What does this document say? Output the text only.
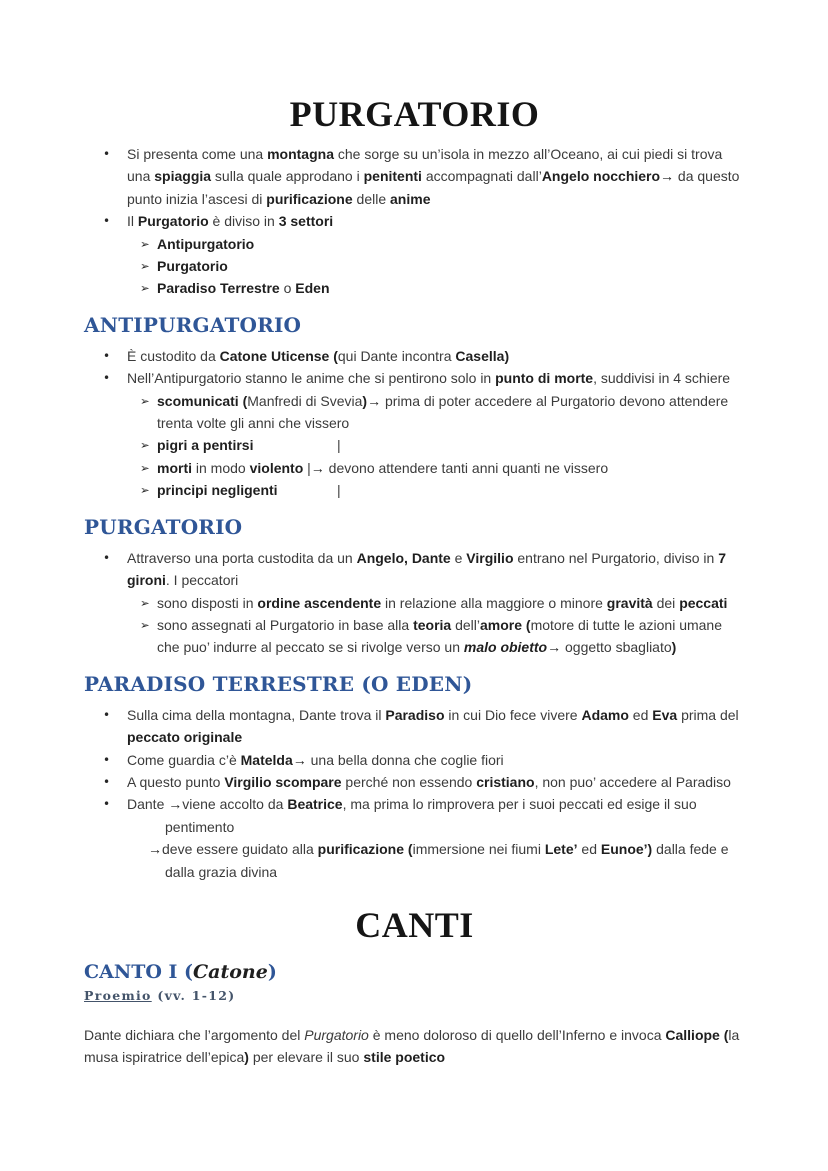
PURGATORIO
• Si presenta come una montagna che sorge su un’isola in mezzo all’Oceano, ai cui piedi si trova una spiaggia sulla quale approdano i penitenti accompagnati dall’Angelo nocchiero→ da questo punto inizia l’ascesi di purificazione delle anime
• Il Purgatorio è diviso in 3 settori
➢ Antipurgatorio
➢ Purgatorio
➢ Paradiso Terrestre o Eden
ANTIPURGATORIO
• È custodito da Catone Uticense (qui Dante incontra Casella)
• Nell’Antipurgatorio stanno le anime che si pentirono solo in punto di morte, suddivisi in 4 schiere
➢ scomunicati (Manfredi di Svevia)→ prima di poter accedere al Purgatorio devono attendere trenta volte gli anni che vissero
➢ pigri a pentirsi	|
➢ morti in modo violento |→ devono attendere tanti anni quanti ne vissero
➢ principi negligenti	|
PURGATORIO
• Attraverso una porta custodita da un Angelo, Dante e Virgilio entrano nel Purgatorio, diviso in 7 gironi. I peccatori
➢ sono disposti in ordine ascendente in relazione alla maggiore o minore gravità dei peccati
➢ sono assegnati al Purgatorio in base alla teoria dell’amore (motore di tutte le azioni umane che puo’ indurre al peccato se si rivolge verso un malo obietto→ oggetto sbagliato)
PARADISO TERRESTRE (O EDEN)
• Sulla cima della montagna, Dante trova il Paradiso in cui Dio fece vivere Adamo ed Eva prima del peccato originale
• Come guardia c’è Matelda→ una bella donna che coglie fiori
• A questo punto Virgilio scompare perché non essendo cristiano, non puo’ accedere al Paradiso
• Dante →viene accolto da Beatrice, ma prima lo rimprovera per i suoi peccati ed esige il suo
pentimento
→deve essere guidato alla purificazione (immersione nei fiumi Lete’ ed Eunoe’) dalla fede e dalla grazia divina
CANTI
CANTO I (Catone)
Proemio (vv. 1-12)

Dante dichiara che l’argomento del Purgatorio è meno doloroso di quello dell’Inferno e invoca Calliope (la musa ispiratrice dell’epica) per elevare il suo stile poetico
